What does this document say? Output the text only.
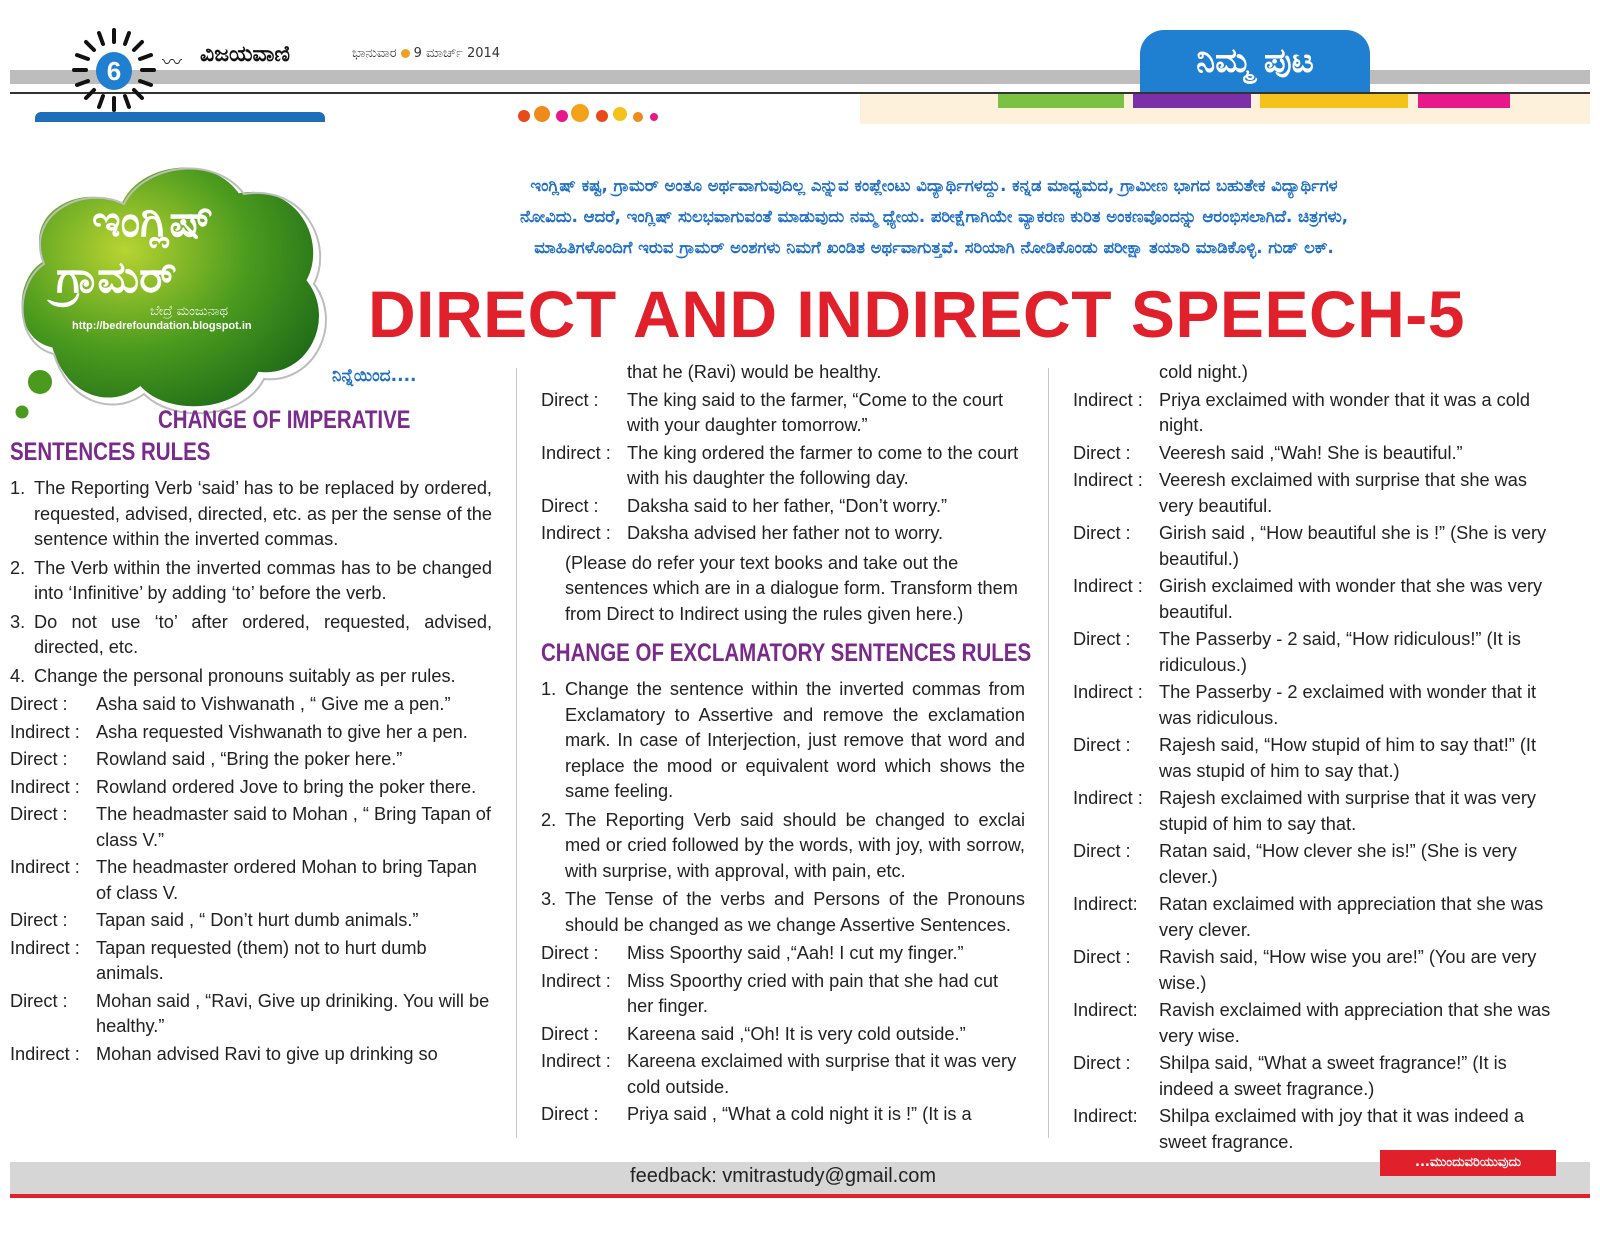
6	〰 ವಿಜಯವಾಣಿ	ಭಾನುವಾರ 9 ಮಾರ್ಚ್ 2014	ನಿಮ್ಮ ಪುಟ
ಇಂಗ್ಲಿಷ್
ಗ್ರಾಮರ್
ಬೇದ್ರೆ ಮಂಜುನಾಥ
http://bedrefoundation.blogspot.in
ಇಂಗ್ಲಿಷ್ ಕಷ್ಟ, ಗ್ರಾಮರ್ ಅಂತೂ ಅರ್ಥವಾಗುವುದಿಲ್ಲ ಎನ್ನುವ ಕಂಪ್ಲೇಂಟು ವಿದ್ಯಾರ್ಥಿಗಳದ್ದು. ಕನ್ನಡ ಮಾಧ್ಯಮದ, ಗ್ರಾಮೀಣ ಭಾಗದ ಬಹುತೇಕ ವಿದ್ಯಾರ್ಥಿಗಳ
ನೋವಿದು. ಆದರೆ, ಇಂಗ್ಲಿಷ್ ಸುಲಭವಾಗುವಂತೆ ಮಾಡುವುದು ನಮ್ಮ ಧ್ಯೇಯ. ಪರೀಕ್ಷೆಗಾಗಿಯೇ ವ್ಯಾಕರಣ ಕುರಿತ ಅಂಕಣವೊಂದನ್ನು ಆರಂಭಿಸಲಾಗಿದೆ. ಚಿತ್ರಗಳು,
ಮಾಹಿತಿಗಳೊಂದಿಗೆ ಇರುವ ಗ್ರಾಮರ್ ಅಂಶಗಳು ನಿಮಗೆ ಖಂಡಿತ ಅರ್ಥವಾಗುತ್ತವೆ. ಸರಿಯಾಗಿ ನೋಡಿಕೊಂಡು ಪರೀಕ್ಷಾ ತಯಾರಿ ಮಾಡಿಕೊಳ್ಳಿ. ಗುಡ್ ಲಕ್.
DIRECT AND INDIRECT SPEECH-5
ನಿನ್ನೆಯಿಂದ....
CHANGE OF IMPERATIVE
SENTENCES RULES
1. The Reporting Verb ‘said’ has to be replaced by ordered, requested, advised, directed, etc. as per the sense of the sentence within the inverted commas.
2. The Verb within the inverted commas has to be changed into ‘Infinitive’ by adding ‘to’ before the verb.
3. Do not use ‘to’ after ordered, requested, advised, directed, etc.
4. Change the personal pronouns suitably as per rules.
Direct :	Asha said to Vishwanath , “ Give me a pen.”
Indirect : Asha requested Vishwanath to give her a pen.
Direct :	Rowland said , “Bring the poker here.”
Indirect : Rowland ordered Jove to bring the poker there.
Direct :	The headmaster said to Mohan , “ Bring Tapan of class V.”
Indirect : The headmaster ordered Mohan to bring Tapan of class V.
Direct :	Tapan said , “ Don’t hurt dumb animals.”
Indirect : Tapan requested (them) not to hurt dumb animals.
Direct :	Mohan said , “Ravi, Give up driniking. You will be healthy.”
Indirect : Mohan advised Ravi to give up drinking so
that he (Ravi) would be healthy.
Direct :	The king said to the farmer, “Come to the court with your daughter tomorrow.”
Indirect : The king ordered the farmer to come to the court with his daughter the following day.
Direct :	Daksha said to her father, “Don’t worry.”
Indirect : Daksha advised her father not to worry.
(Please do refer your text books and take out the sentences which are in a dialogue form. Transform them from Direct to Indirect using the rules given here.)
CHANGE OF EXCLAMATORY SENTENCES RULES
1. Change the sentence within the inverted commas from Exclamatory to Assertive and remove the exclamation mark. In case of Interjection, just remove that word and replace the mood or equivalent word which shows the same feeling.
2. The Reporting Verb said should be changed to exclai med or cried followed by the words, with joy, with sorrow, with surprise, with approval, with pain, etc.
3. The Tense of the verbs and Persons of the Pronouns should be changed as we change Assertive Sentences.
Direct :	Miss Spoorthy said ,“Aah! I cut my finger.”
Indirect : Miss Spoorthy cried with pain that she had cut her finger.
Direct :	Kareena said ,“Oh! It is very cold outside.”
Indirect : Kareena exclaimed with surprise that it was very cold outside.
Direct :	Priya said , “What a cold night it is !” (It is a
cold night.)
Indirect : Priya exclaimed with wonder that it was a cold night.
Direct :	Veeresh said ,“Wah! She is beautiful.”
Indirect : Veeresh exclaimed with surprise that she was very beautiful.
Direct :	Girish said , “How beautiful she is !” (She is very beautiful.)
Indirect : Girish exclaimed with wonder that she was very beautiful.
Direct :	The Passerby - 2 said, “How ridiculous!” (It is ridiculous.)
Indirect : The Passerby - 2 exclaimed with wonder that it was ridiculous.
Direct :	Rajesh said, “How stupid of him to say that!” (It was stupid of him to say that.)
Indirect : Rajesh exclaimed with surprise that it was very stupid of him to say that.
Direct :	Ratan said, “How clever she is!” (She is very clever.)
Indirect:	Ratan exclaimed with appreciation that she was very clever.
Direct :	Ravish said, “How wise you are!” (You are very wise.)
Indirect:	Ravish exclaimed with appreciation that she was very wise.
Direct :	Shilpa said, “What a sweet fragrance!” (It is indeed a sweet fragrance.)
Indirect:	Shilpa exclaimed with joy that it was indeed a sweet fragrance.
feedback: vmitrastudy@gmail.com
...ಮುಂದುವರಿಯುವುದು
